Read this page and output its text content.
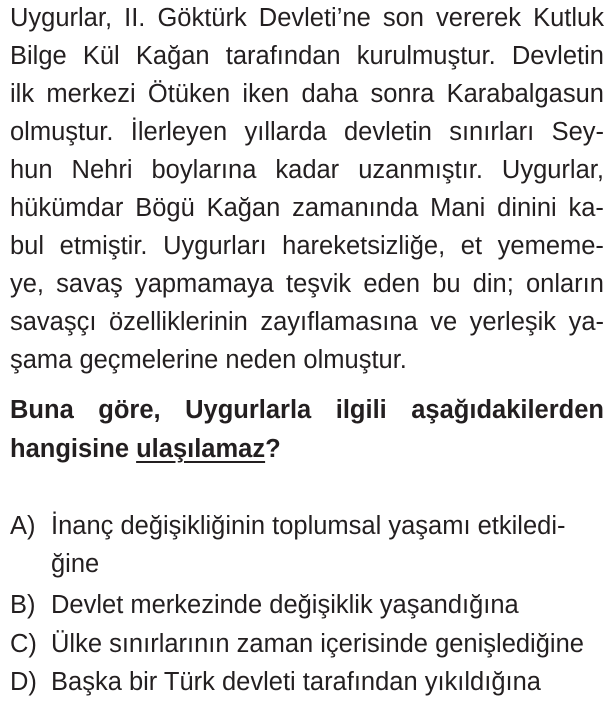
Uygurlar, II. Göktürk Devleti’ne son vererek Kutluk
Bilge Kül Kağan tarafından kurulmuştur. Devletin
ilk merkezi Ötüken iken daha sonra Karabalgasun
olmuştur. İlerleyen yıllarda devletin sınırları Sey-
hun Nehri boylarına kadar uzanmıştır. Uygurlar,
hükümdar Bögü Kağan zamanında Mani dinini ka-
bul etmiştir. Uygurları hareketsizliğe, et yememe-
ye, savaş yapmamaya teşvik eden bu din; onların
savaşçı özelliklerinin zayıflamasına ve yerleşik ya-
şama geçmelerine neden olmuştur.
Buna göre, Uygurlarla ilgili aşağıdakilerden
hangisine ulaşılamaz?
A) İnanç değişikliğinin toplumsal yaşamı etkiledi-
ğine
B) Devlet merkezinde değişiklik yaşandığına
C) Ülke sınırlarının zaman içerisinde genişlediğine
D) Başka bir Türk devleti tarafından yıkıldığına
